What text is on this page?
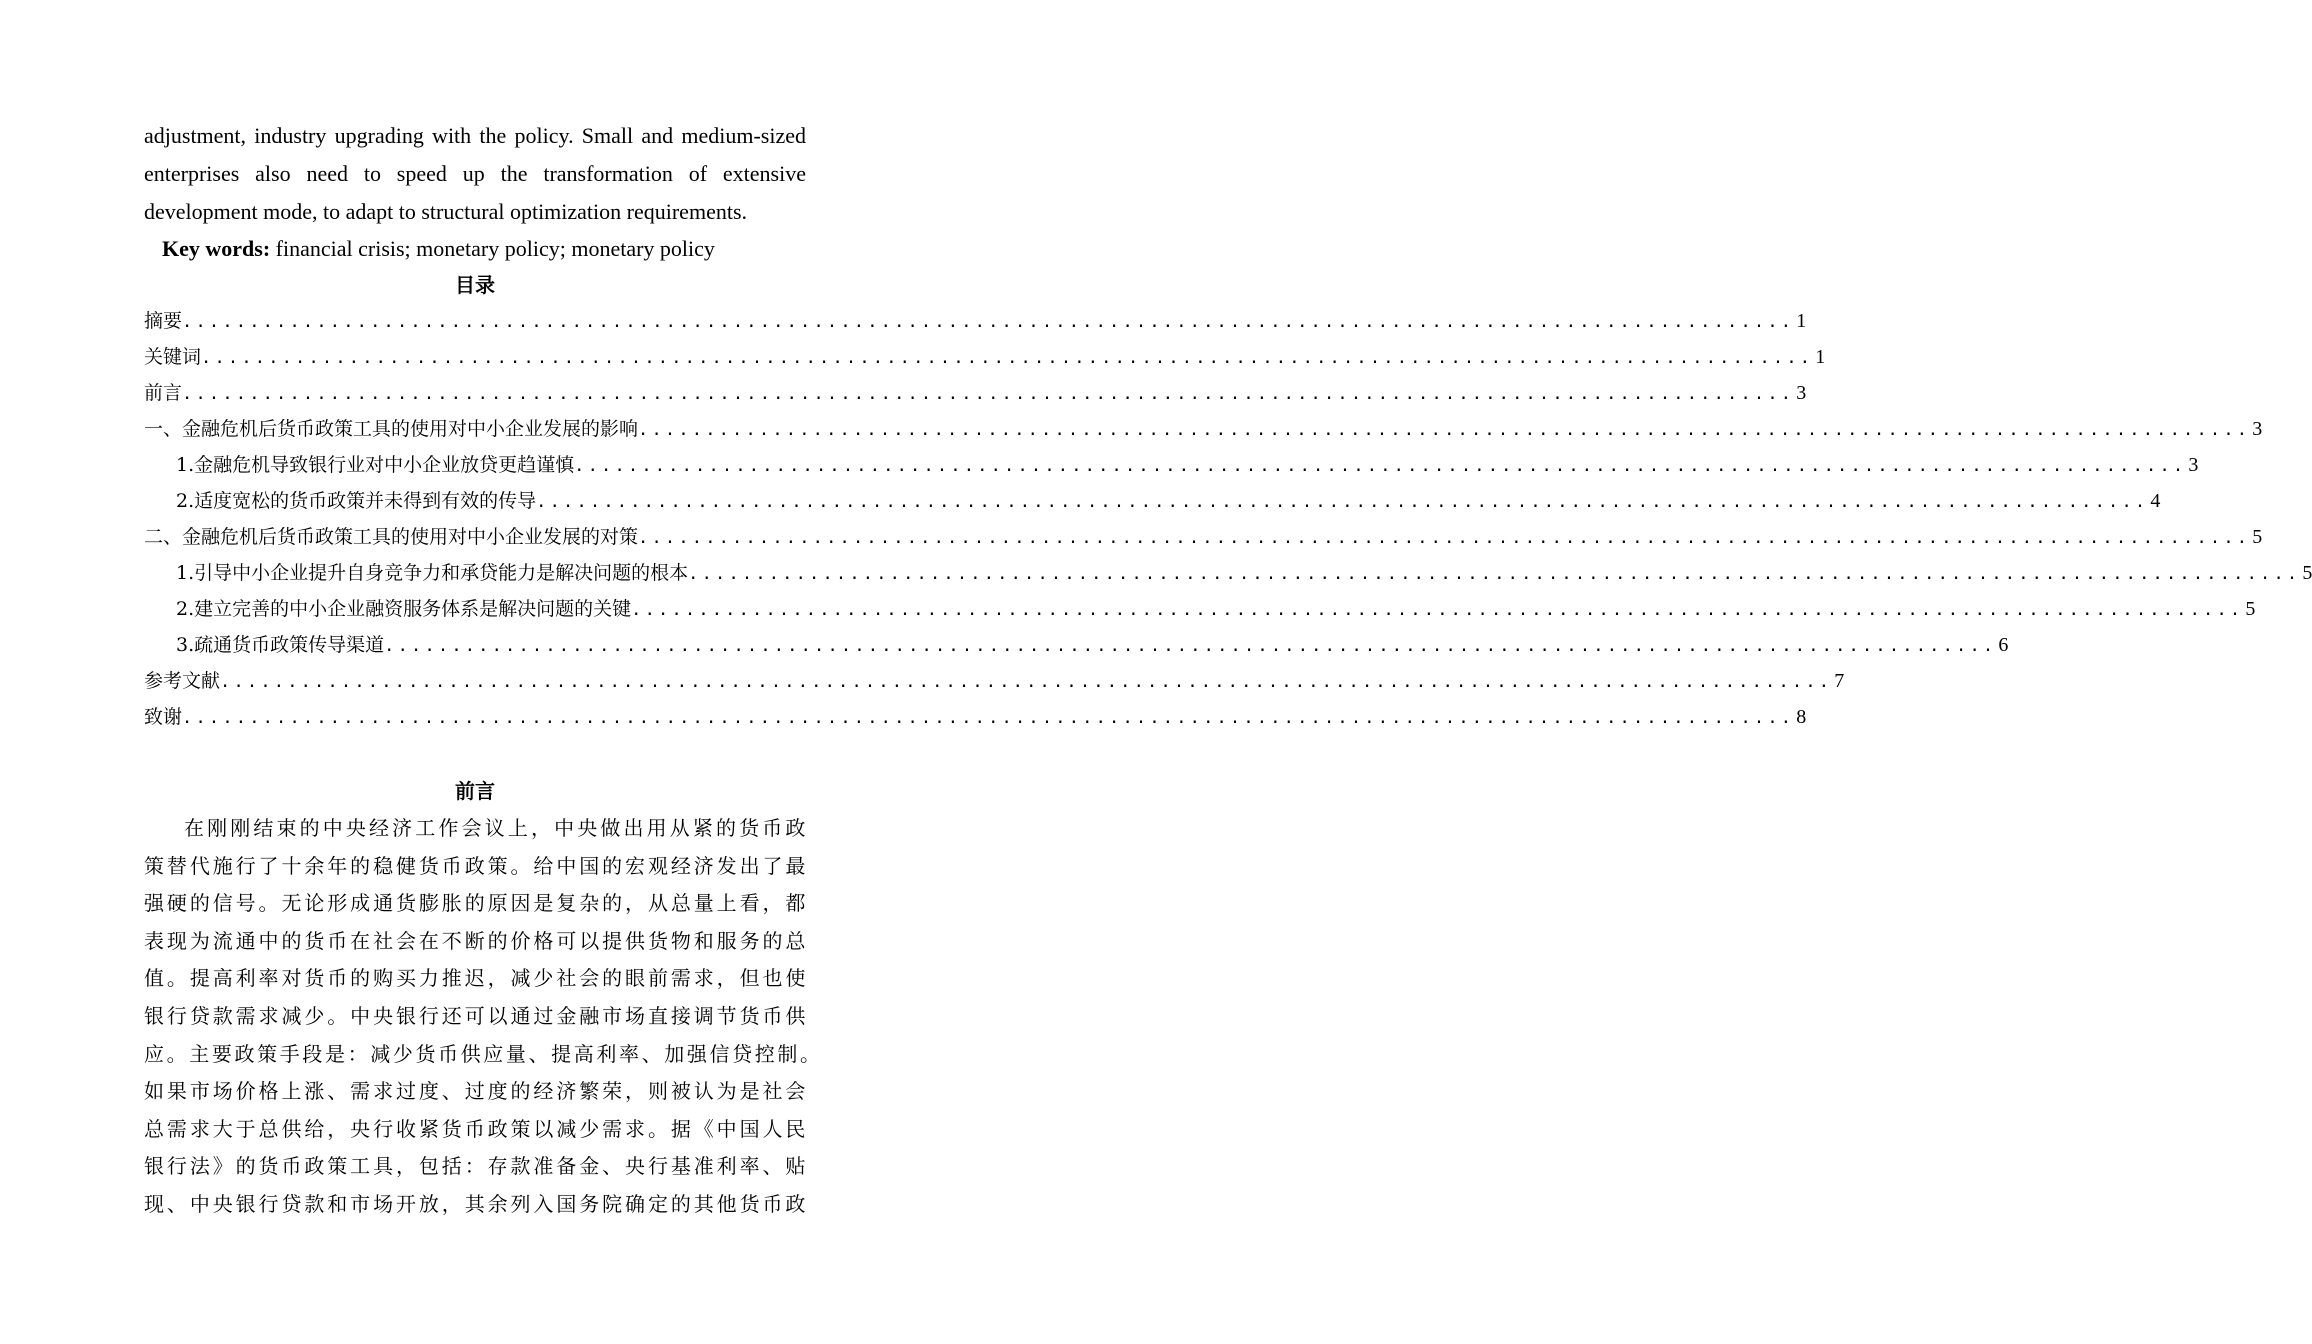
adjustment, industry upgrading with the policy. Small and medium-sized
enterprises also need to speed up the transformation of extensive
development mode, to adapt to structural optimization requirements.
Key words: financial crisis; monetary policy; monetary policy
目录
摘要 ........................................................................................................................ 1
关键词 ........................................................................................................................ 1
前言 ........................................................................................................................ 3
一、金融危机后货币政策工具的使用对中小企业发展的影响 ........................................................................................................................ 3
1.金融危机导致银行业对中小企业放贷更趋谨慎 ........................................................................................................................ 3
2.适度宽松的货币政策并未得到有效的传导 ........................................................................................................................ 4
二、金融危机后货币政策工具的使用对中小企业发展的对策 ........................................................................................................................ 5
1.引导中小企业提升自身竞争力和承贷能力是解决问题的根本 ........................................................................................................................ 5
2.建立完善的中小企业融资服务体系是解决问题的关键 ........................................................................................................................ 5
3.疏通货币政策传导渠道 ........................................................................................................................ 6
参考文献 ........................................................................................................................ 7
致谢 ........................................................................................................................ 8
前言
在刚刚结束的中央经济工作会议上，中央做出用从紧的货币政
策替代施行了十余年的稳健货币政策。给中国的宏观经济发出了最
强硬的信号。无论形成通货膨胀的原因是复杂的，从总量上看，都
表现为流通中的货币在社会在不断的价格可以提供货物和服务的总
值。提高利率对货币的购买力推迟，减少社会的眼前需求，但也使
银行贷款需求减少。中央银行还可以通过金融市场直接调节货币供
应。主要政策手段是：减少货币供应量、提高利率、加强信贷控制。
如果市场价格上涨、需求过度、过度的经济繁荣，则被认为是社会
总需求大于总供给，央行收紧货币政策以减少需求。据《中国人民
银行法》的货币政策工具，包括：存款准备金、央行基准利率、贴
现、中央银行贷款和市场开放，其余列入国务院确定的其他货币政
